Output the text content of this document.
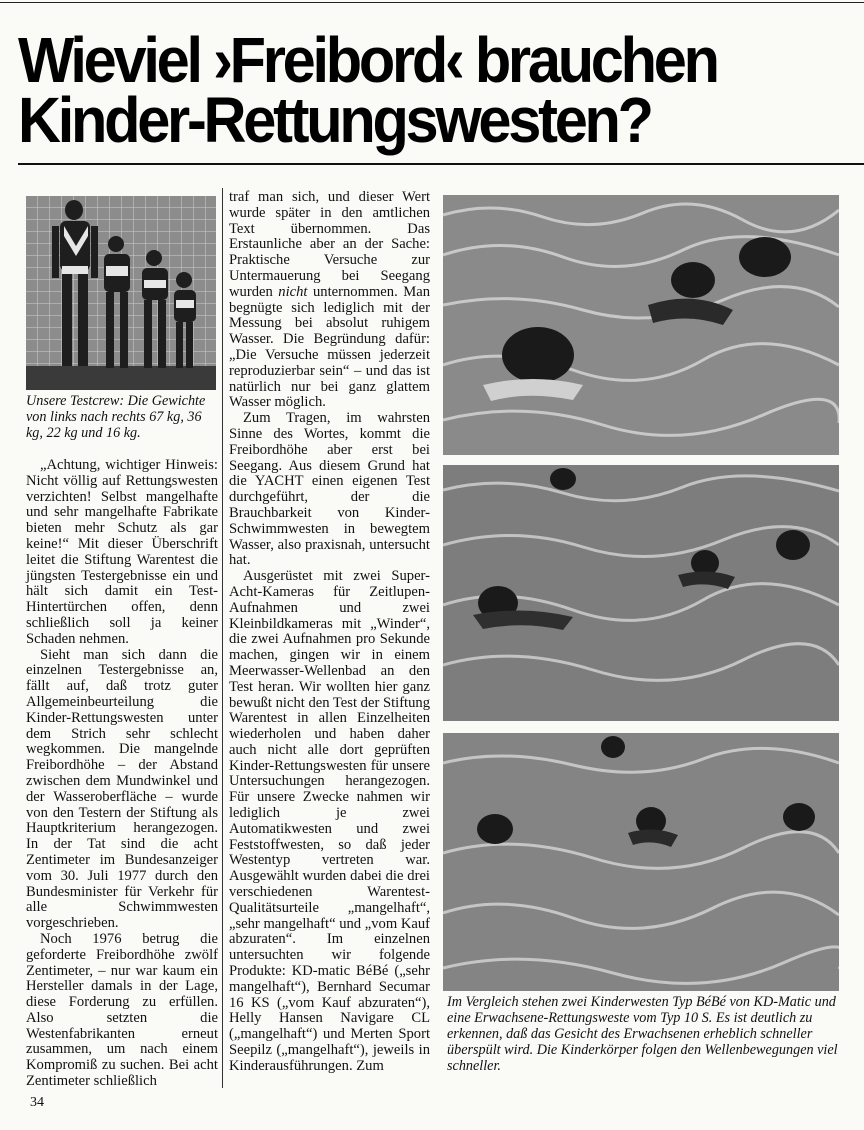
Wieviel ›Freibord‹ brauchen
Kinder-Rettungswesten?
Unsere Testcrew: Die Gewichte von links nach rechts 67 kg, 36 kg, 22 kg und 16 kg.

„Achtung, wichtiger Hinweis: Nicht völlig auf Rettungswesten verzichten! Selbst mangelhafte und sehr mangelhafte Fabrikate bieten mehr Schutz als gar keine!“ Mit dieser Überschrift leitet die Stiftung Warentest die jüngsten Testergebnisse ein und hält sich damit ein Test-Hintertürchen offen, denn schließlich soll ja keiner Schaden nehmen.

Sieht man sich dann die einzelnen Testergebnisse an, fällt auf, daß trotz guter Allgemeinbeurteilung die Kinder-Rettungswesten unter dem Strich sehr schlecht wegkommen. Die mangelnde Freibordhöhe – der Abstand zwischen dem Mundwinkel und der Wasseroberfläche – wurde von den Testern der Stiftung als Hauptkriterium herangezogen. In der Tat sind die acht Zentimeter im Bundesanzeiger vom 30. Juli 1977 durch den Bundesminister für Verkehr für alle Schwimmwesten vorgeschrieben.

Noch 1976 betrug die geforderte Freibordhöhe zwölf Zentimeter, – nur war kaum ein Hersteller damals in der Lage, diese Forderung zu erfüllen. Also setzten die Westenfabrikanten erneut zusammen, um nach einem Kompromiß zu suchen. Bei acht Zentimeter schließlich

traf man sich, und dieser Wert wurde später in den amtlichen Text übernommen. Das Erstaunliche aber an der Sache: Praktische Versuche zur Untermauerung bei Seegang wurden nicht unternommen. Man begnügte sich lediglich mit der Messung bei absolut ruhigem Wasser. Die Begründung dafür: „Die Versuche müssen jederzeit reproduzierbar sein“ – und das ist natürlich nur bei ganz glattem Wasser möglich.

Zum Tragen, im wahrsten Sinne des Wortes, kommt die Freibordhöhe aber erst bei Seegang. Aus diesem Grund hat die YACHT einen eigenen Test durchgeführt, der die Brauchbarkeit von Kinder-Schwimmwesten in bewegtem Wasser, also praxisnah, untersucht hat.

Ausgerüstet mit zwei Super-Acht-Kameras für Zeitlupen-Aufnahmen und zwei Kleinbildkameras mit „Winder“, die zwei Aufnahmen pro Sekunde machen, gingen wir in einem Meerwasser-Wellenbad an den Test heran. Wir wollten hier ganz bewußt nicht den Test der Stiftung Warentest in allen Einzelheiten wiederholen und haben daher auch nicht alle dort geprüften Kinder-Rettungswesten für unsere Untersuchungen herangezogen. Für unsere Zwecke nahmen wir lediglich je zwei Automatikwesten und zwei Feststoffwesten, so daß jeder Westentyp vertreten war. Ausgewählt wurden dabei die drei verschiedenen Warentest-Qualitätsurteile „mangelhaft“, „sehr mangelhaft“ und „vom Kauf abzuraten“. Im einzelnen untersuchten wir folgende Produkte: KD-matic BéBé („sehr mangelhaft“), Bernhard Secumar 16 KS („vom Kauf abzuraten“), Helly Hansen Navigare CL („mangelhaft“) und Merten Sport Seepilz („mangelhaft“), jeweils in Kinderausführungen. Zum

Im Vergleich stehen zwei Kinderwesten Typ BéBé von KD-Matic und eine Erwachsene-Rettungsweste vom Typ 10 S. Es ist deutlich zu erkennen, daß das Gesicht des Erwachsenen erheblich schneller überspült wird. Die Kinderkörper folgen den Wellenbewegungen viel schneller.
34
